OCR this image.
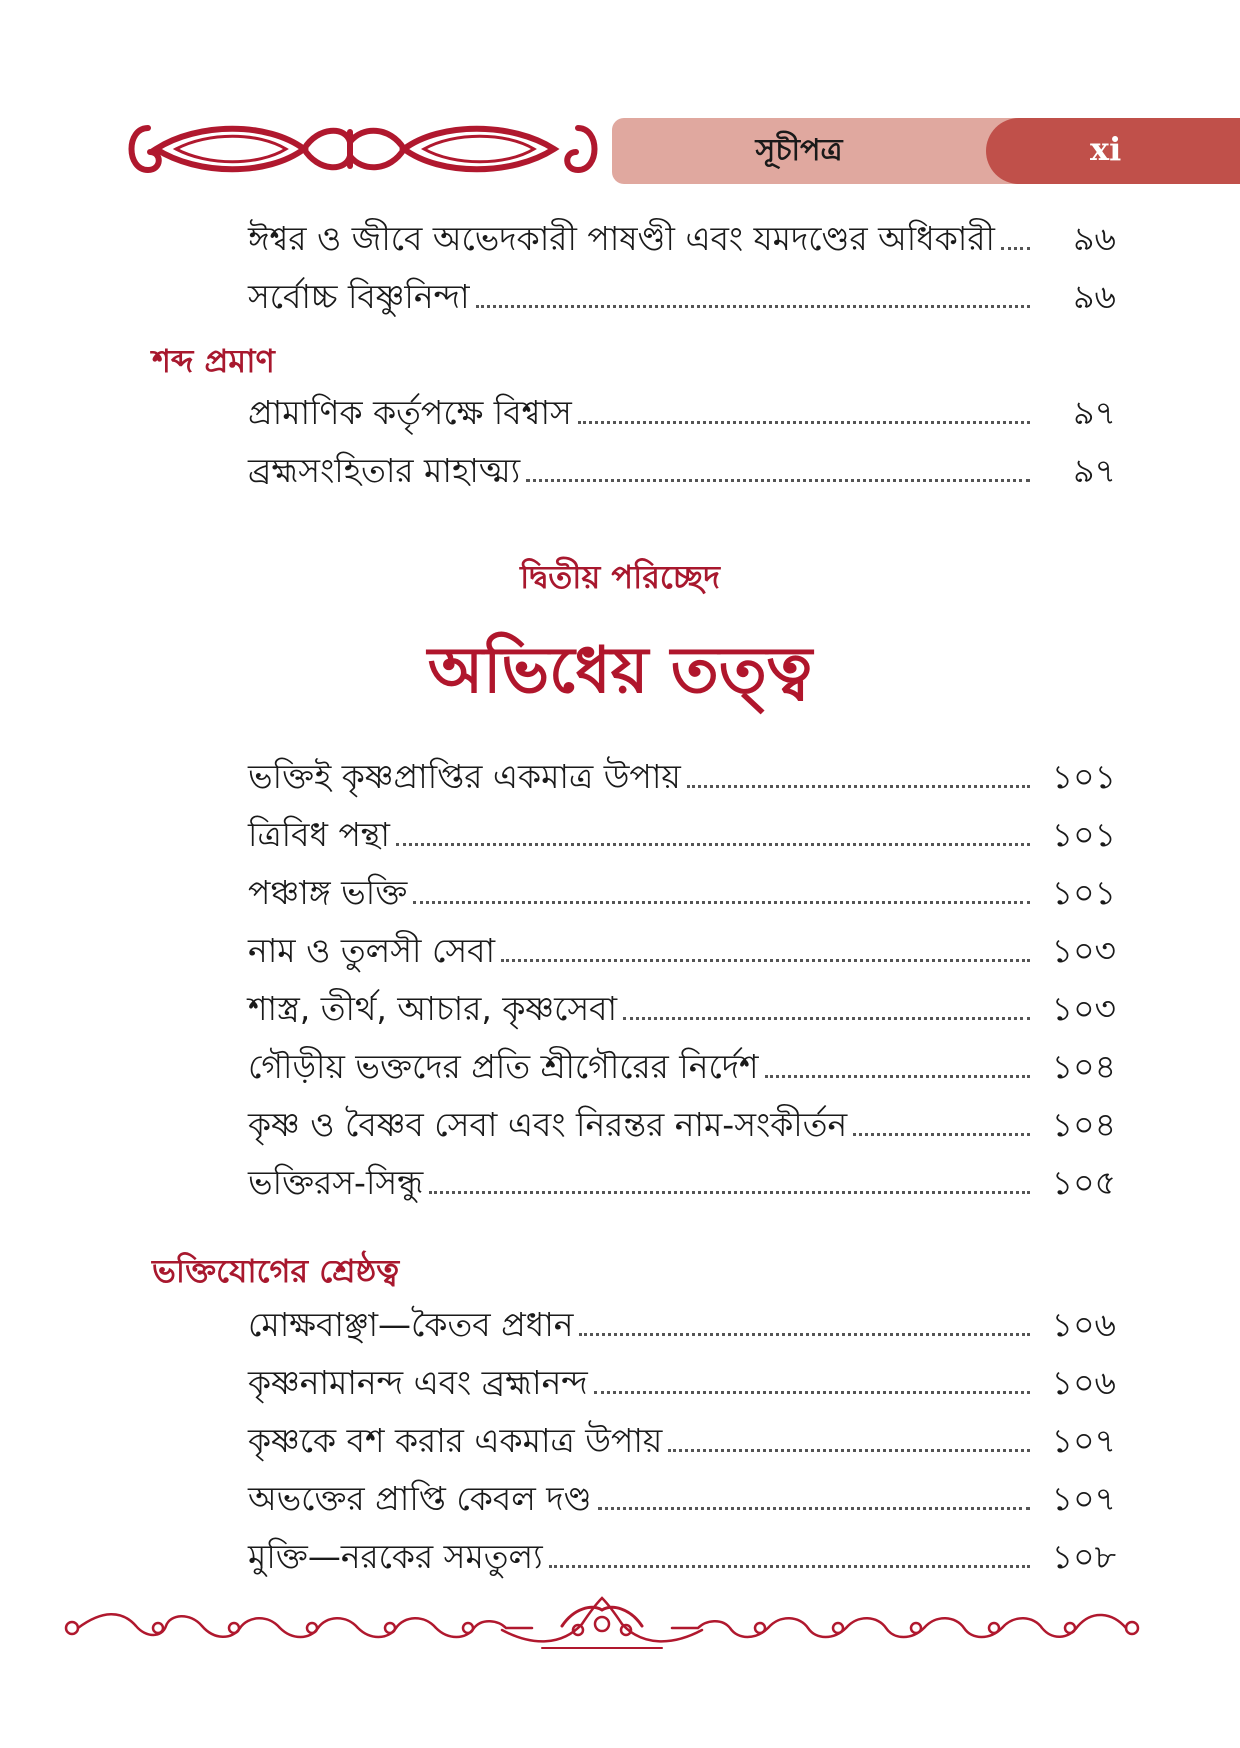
সূচীপত্র	xi
ঈশ্বর ও জীবে অভেদকারী পাষণ্ডী এবং যমদণ্ডের অধিকারী	৯৬
সর্বোচ্চ বিষ্ণুনিন্দা	৯৬
শব্দ প্রমাণ
প্রামাণিক কর্তৃপক্ষে বিশ্বাস	৯৭
ব্রহ্মসংহিতার মাহাত্ম্য	৯৭
দ্বিতীয় পরিচ্ছেদ
অভিধেয় তত্ত্ব
ভক্তিই কৃষ্ণপ্রাপ্তির একমাত্র উপায়	১০১
ত্রিবিধ পন্থা	১০১
পঞ্চাঙ্গ ভক্তি	১০১
নাম ও তুলসী সেবা	১০৩
শাস্ত্র, তীর্থ, আচার, কৃষ্ণসেবা	১০৩
গৌড়ীয় ভক্তদের প্রতি শ্রীগৌরের নির্দেশ	১০৪
কৃষ্ণ ও বৈষ্ণব সেবা এবং নিরন্তর নাম-সংকীর্তন	১০৪
ভক্তিরস-সিন্ধু	১০৫
ভক্তিযোগের শ্রেষ্ঠত্ব
মোক্ষবাঞ্ছা—কৈতব প্রধান	১০৬
কৃষ্ণনামানন্দ এবং ব্রহ্মানন্দ	১০৬
কৃষ্ণকে বশ করার একমাত্র উপায়	১০৭
অভক্তের প্রাপ্তি কেবল দণ্ড	১০৭
মুক্তি—নরকের সমতুল্য	১০৮
